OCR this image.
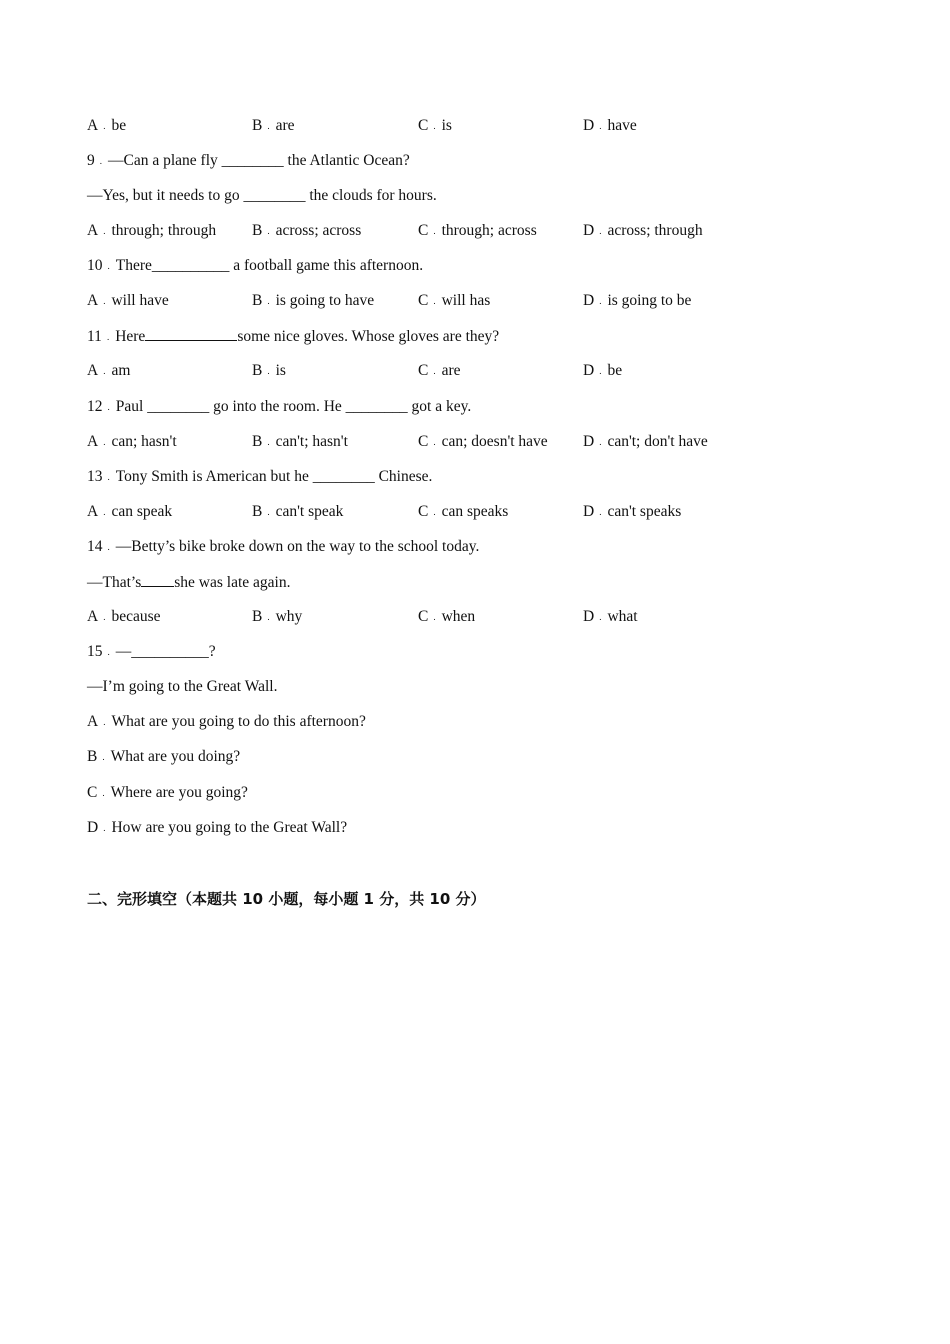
A . be	B . are	C . is	D . have
9 . —Can a plane fly ________ the Atlantic Ocean?
—Yes, but it needs to go ________ the clouds for hours.
A . through; through B . across; across	C . through; across	D . across; through
10 . There__________ a football game this afternoon.
A . will have	B . is going to have	C . will has	D . is going to be
11 . Here	some nice gloves. Whose gloves are they?
A . am	B . is	C . are	D . be
12 . Paul ________ go into the room. He ________ got a key.
A . can; hasn't	B . can't; hasn't	C . can; doesn't have D . can't; don't have
13 . Tony Smith is American but he ________ Chinese.
A . can speak	B . can't speak	C . can speaks	D . can't speaks
14 . —Betty’s bike broke down on the way to the school today.
—That’s she was late again.
A . because	B . why	C . when	D . what
15 . —__________?
—I’m going to the Great Wall.
A . What are you going to do this afternoon?
B . What are you doing?
C . Where are you going?
D . How are you going to the Great Wall?
二、完形填空（本题共 10 小题，每小题 1 分，共 10 分）
